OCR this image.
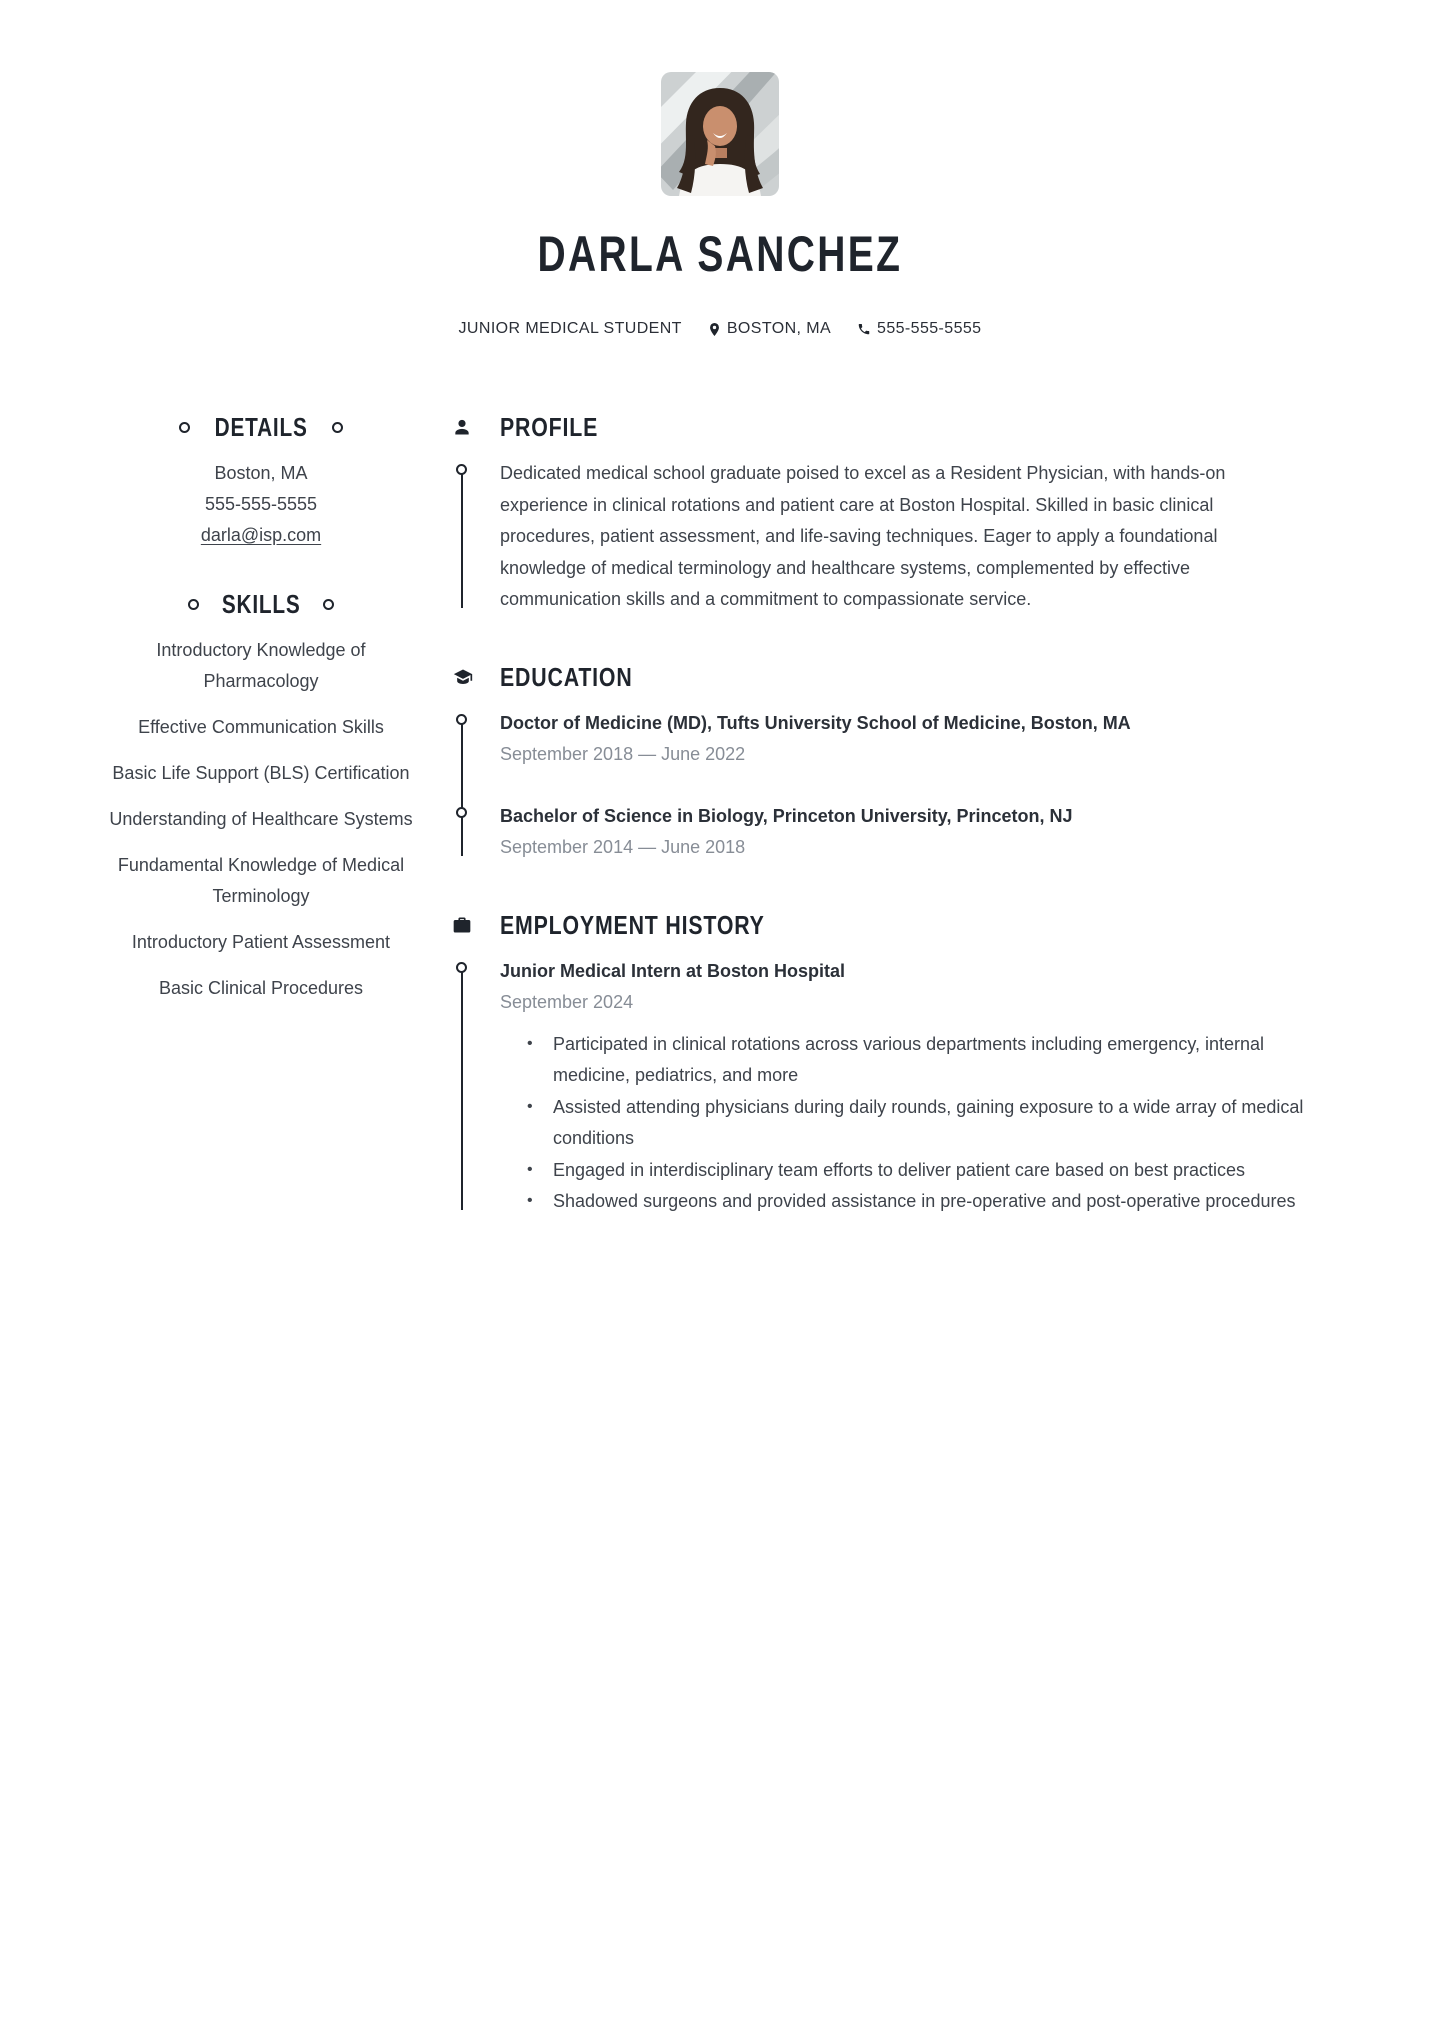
DARLA SANCHEZ
JUNIOR MEDICAL STUDENT	BOSTON, MA	555-555-5555
DETAILS
Boston, MA
555-555-5555
darla@isp.com
SKILLS
Introductory Knowledge of Pharmacology
Effective Communication Skills
Basic Life Support (BLS) Certification
Understanding of Healthcare Systems
Fundamental Knowledge of Medical Terminology
Introductory Patient Assessment
Basic Clinical Procedures
PROFILE
Dedicated medical school graduate poised to excel as a Resident Physician, with hands-on experience in clinical rotations and patient care at Boston Hospital. Skilled in basic clinical procedures, patient assessment, and life-saving techniques. Eager to apply a foundational knowledge of medical terminology and healthcare systems, complemented by effective communication skills and a commitment to compassionate service.
EDUCATION
Doctor of Medicine (MD), Tufts University School of Medicine, Boston, MA
September 2018 — June 2022
Bachelor of Science in Biology, Princeton University, Princeton, NJ
September 2014 — June 2018
EMPLOYMENT HISTORY
Junior Medical Intern at Boston Hospital
September 2024
• Participated in clinical rotations across various departments including emergency, internal medicine, pediatrics, and more
• Assisted attending physicians during daily rounds, gaining exposure to a wide array of medical conditions
• Engaged in interdisciplinary team efforts to deliver patient care based on best practices
• Shadowed surgeons and provided assistance in pre-operative and post-operative procedures
